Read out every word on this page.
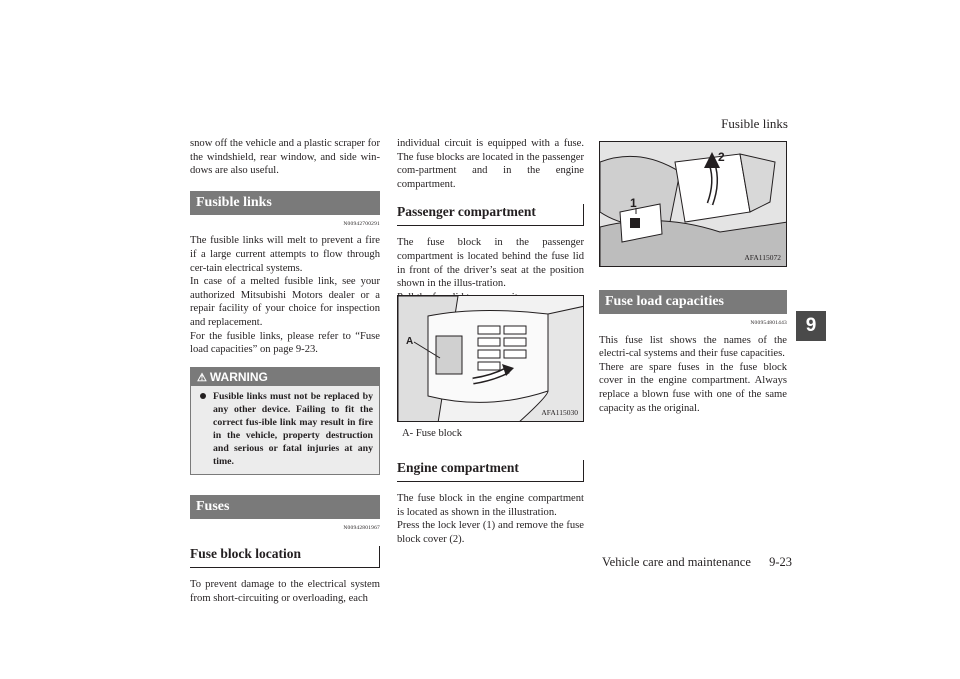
Fusible links
9

snow off the vehicle and a plastic scraper for the windshield, rear window, and side win-dows are also useful.

Fusible links
N00942700291

The fusible links will melt to prevent a fire if a large current attempts to flow through cer-tain electrical systems.

In case of a melted fusible link, see your authorized Mitsubishi Motors dealer or a repair facility of your choice for inspection and replacement.

For the fusible links, please refer to “Fuse load capacities” on page 9-23.

⚠ WARNING
Fusible links must not be replaced by any other device. Failing to fit the correct fus-ible link may result in fire in the vehicle, property destruction and serious or fatal injuries at any time.
Fuses
N00942801967
Fuse block location

To prevent damage to the electrical system from short-circuiting or overloading, each

individual circuit is equipped with a fuse. The fuse blocks are located in the passenger com-partment and in the engine compartment.

Passenger compartment

The fuse block in the passenger compartment is located behind the fuse lid in front of the driver’s seat at the position shown in the illus-tration.

A
AFA115030

A- Fuse block

Engine compartment

The fuse block in the engine compartment is located as shown in the illustration.

Press the lock lever (1) and remove the fuse block cover (2).

1
2
AFA115072
Fuse load capacities
N00954801443

This fuse list shows the names of the electri-cal systems and their fuse capacities.

There are spare fuses in the fuse block cover in the engine compartment. Always replace a blown fuse with one of the same capacity as the original.

Vehicle care and maintenance 9-23
